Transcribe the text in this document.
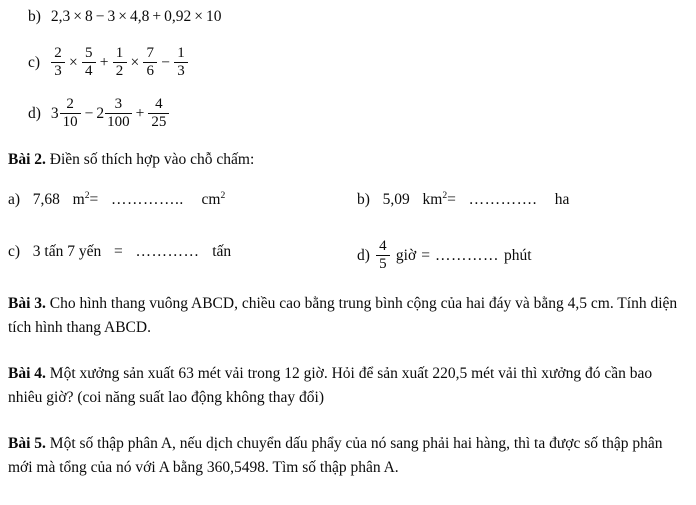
b) 2,3 × 8 − 3 × 4,8 + 0,92 × 10
$c) \frac{2}{3} \times \frac{5}{4} + \frac{1}{2} \times \frac{7}{6} - \frac{1}{3}$
d) $3 \frac{2}{10} - 2 \frac{3}{100} + \frac{4}{25}$
Bài 2. Điền số thích hợp vào chỗ chấm:
a) 7,68 $m^2=$ ………….. $cm^2$	b) 5,09 $km^2=$ …………. ha
c) 3 tấn 7 yến = ………… tấn	$d) \frac{4}{5}$ giờ = ………… phút
Bài 3. Cho hình thang vuông ABCD, chiều cao bằng trung bình cộng của hai đáy và bằng 4,5 cm. Tính diện tích hình thang ABCD.
Bài 4. Một xưởng sản xuất 63 mét vải trong 12 giờ. Hỏi để sản xuất 220,5 mét vải thì xưởng đó cần bao nhiêu giờ? (coi năng suất lao động không thay đổi)
Bài 5. Một số thập phân A, nếu dịch chuyển dấu phẩy của nó sang phải hai hàng, thì ta được số thập phân mới mà tổng của nó với A bằng 360,5498. Tìm số thập phân A.
